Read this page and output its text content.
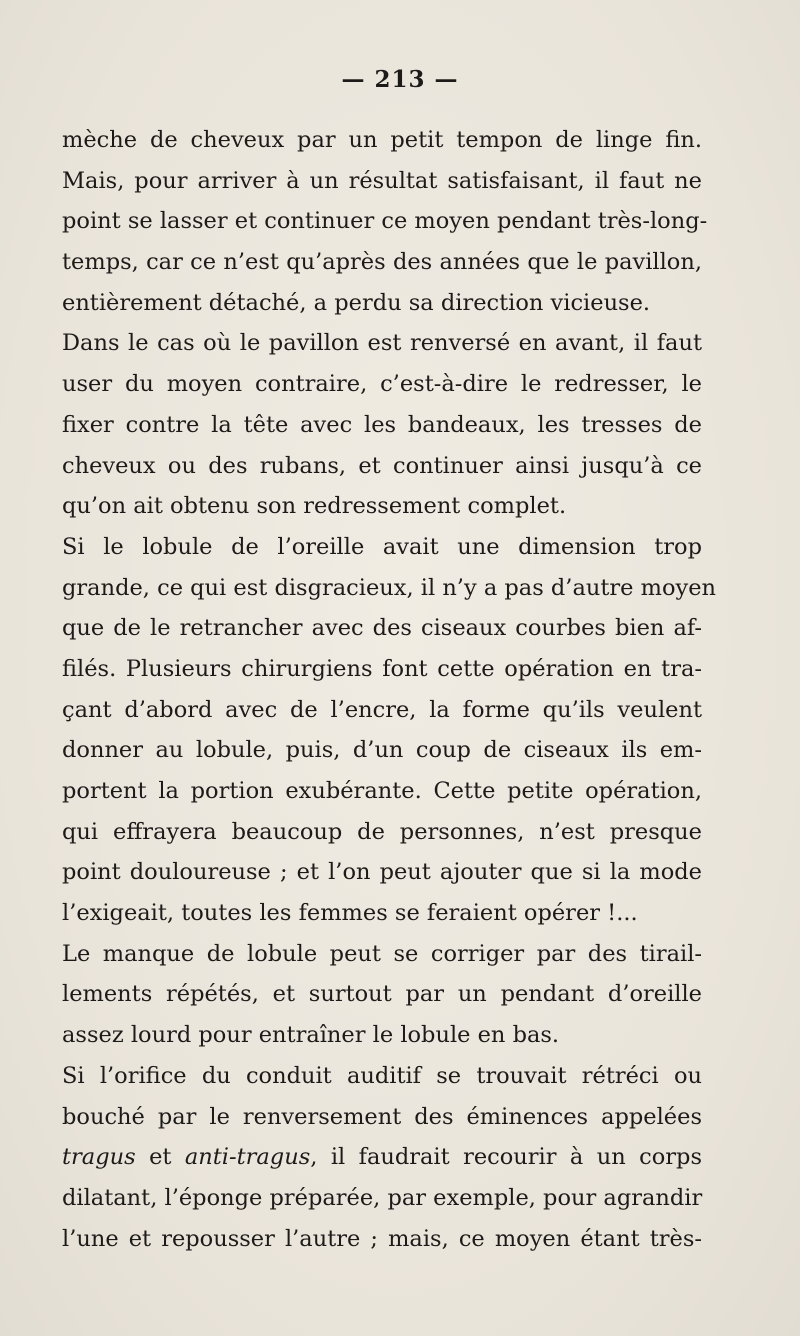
— 213 —
mèche de cheveux par un petit tempon de linge fin.
Mais, pour arriver à un résultat satisfaisant, il faut ne
point se lasser et continuer ce moyen pendant très-long-
temps, car ce n’est qu’après des années que le pavillon,
entièrement détaché, a perdu sa direction vicieuse.
Dans le cas où le pavillon est renversé en avant, il faut
user du moyen contraire, c’est-à-dire le redresser, le
fixer contre la tête avec les bandeaux, les tresses de
cheveux ou des rubans, et continuer ainsi jusqu’à ce
qu’on ait obtenu son redressement complet.
Si le lobule de l’oreille avait une dimension trop
grande, ce qui est disgracieux, il n’y a pas d’autre moyen
que de le retrancher avec des ciseaux courbes bien af-
filés. Plusieurs chirurgiens font cette opération en tra-
çant d’abord avec de l’encre, la forme qu’ils veulent
donner au lobule, puis, d’un coup de ciseaux ils em-
portent la portion exubérante. Cette petite opération,
qui effrayera beaucoup de personnes, n’est presque
point douloureuse ; et l’on peut ajouter que si la mode
l’exigeait, toutes les femmes se feraient opérer !...
Le manque de lobule peut se corriger par des tirail-
lements répétés, et surtout par un pendant d’oreille
assez lourd pour entraîner le lobule en bas.
Si l’orifice du conduit auditif se trouvait rétréci ou
bouché par le renversement des éminences appelées
tragus et anti-tragus, il faudrait recourir à un corps
dilatant, l’éponge préparée, par exemple, pour agrandir
l’une et repousser l’autre ; mais, ce moyen étant très-
